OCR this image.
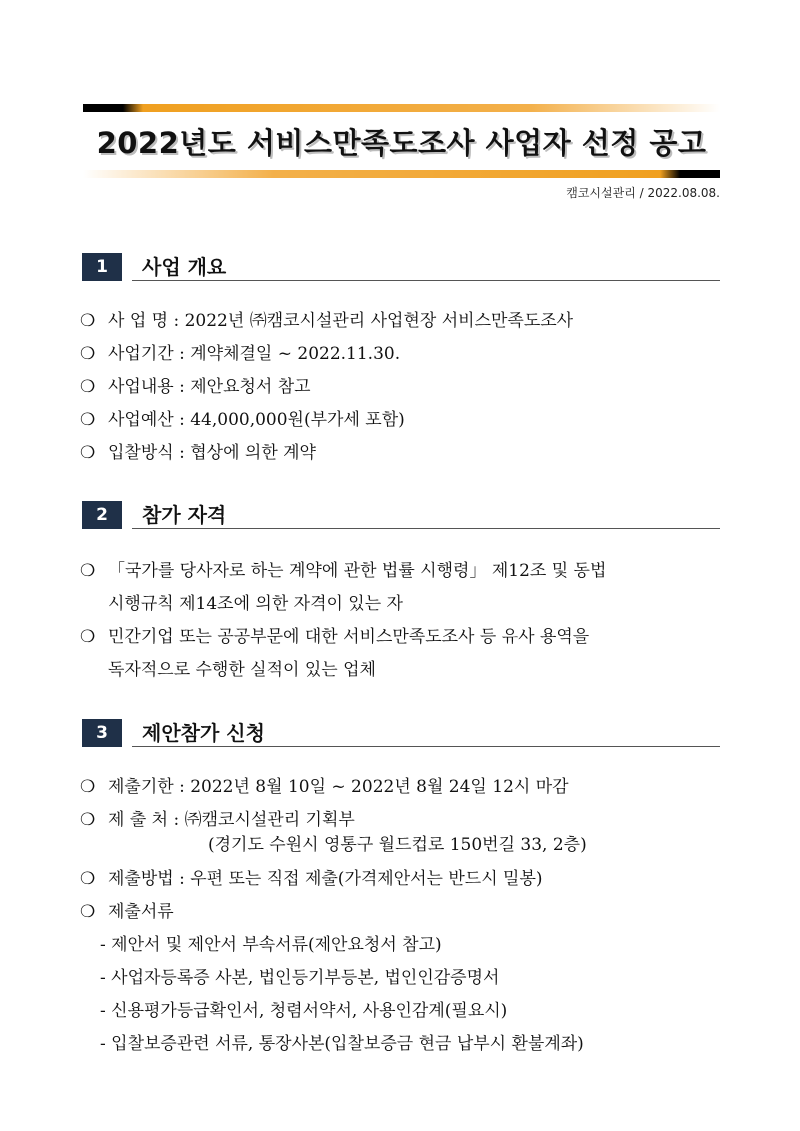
2022년도 서비스만족도조사 사업자 선정 공고
캠코시설관리 / 2022.08.08.
1	사업 개요
❍ 사 업 명 : 2022년 ㈜캠코시설관리 사업현장 서비스만족도조사
❍ 사업기간 : 계약체결일 ~ 2022.11.30.
❍ 사업내용 : 제안요청서 참고
❍ 사업예산 : 44,000,000원(부가세 포함)
❍ 입찰방식 : 협상에 의한 계약
2	참가 자격
❍ 「국가를 당사자로 하는 계약에 관한 법률 시행령」 제12조 및 동법
시행규칙 제14조에 의한 자격이 있는 자
❍ 민간기업 또는 공공부문에 대한 서비스만족도조사 등 유사 용역을
독자적으로 수행한 실적이 있는 업체
3	제안참가 신청
❍ 제출기한 : 2022년 8월 10일 ~ 2022년 8월 24일 12시 마감
❍ 제 출 처 : ㈜캠코시설관리 기획부
(경기도 수원시 영통구 월드컵로 150번길 33, 2층)
❍ 제출방법 : 우편 또는 직접 제출(가격제안서는 반드시 밀봉)
❍ 제출서류
- 제안서 및 제안서 부속서류(제안요청서 참고)
- 사업자등록증 사본, 법인등기부등본, 법인인감증명서
- 신용평가등급확인서, 청렴서약서, 사용인감계(필요시)
- 입찰보증관련 서류, 통장사본(입찰보증금 현금 납부시 환불계좌)
